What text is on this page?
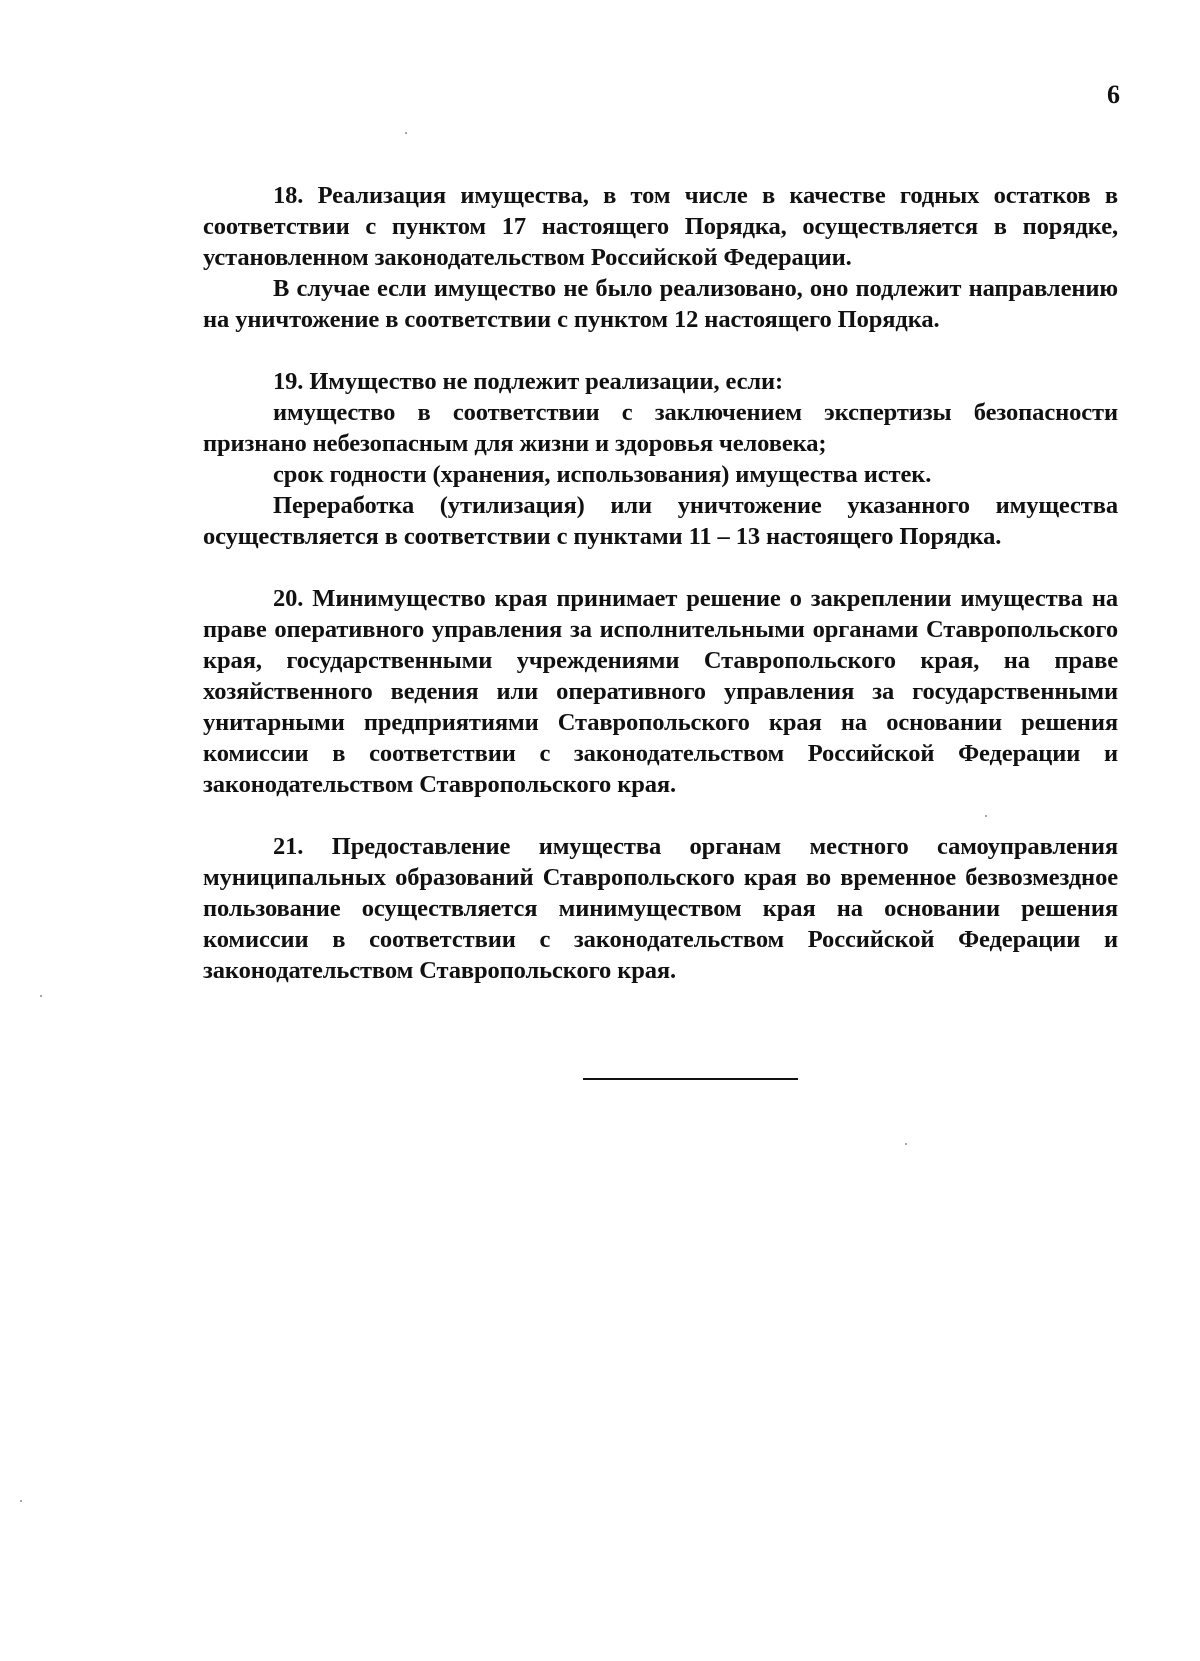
6

18. Реализация имущества, в том числе в качестве годных остатков в соответствии с пунктом 17 настоящего Порядка, осуществляется в порядке, установленном законодательством Российской Федерации.

В случае если имущество не было реализовано, оно подлежит направлению на уничтожение в соответствии с пунктом 12 настоящего Порядка.

19. Имущество не подлежит реализации, если:

имущество в соответствии с заключением экспертизы безопасности признано небезопасным для жизни и здоровья человека;

срок годности (хранения, использования) имущества истек.

Переработка (утилизация) или уничтожение указанного имущества осуществляется в соответствии с пунктами 11 – 13 настоящего Порядка.

20. Минимущество края принимает решение о закреплении имущества на праве оперативного управления за исполнительными органами Ставропольского края, государственными учреждениями Ставропольского края, на праве хозяйственного ведения или оперативного управления за государственными унитарными предприятиями Ставропольского края на основании решения комиссии в соответствии с законодательством Российской Федерации и законодательством Ставропольского края.

21. Предоставление имущества органам местного самоуправления муниципальных образований Ставропольского края во временное безвозмездное пользование осуществляется минимуществом края на основании решения комиссии в соответствии с законодательством Российской Федерации и законодательством Ставропольского края.
